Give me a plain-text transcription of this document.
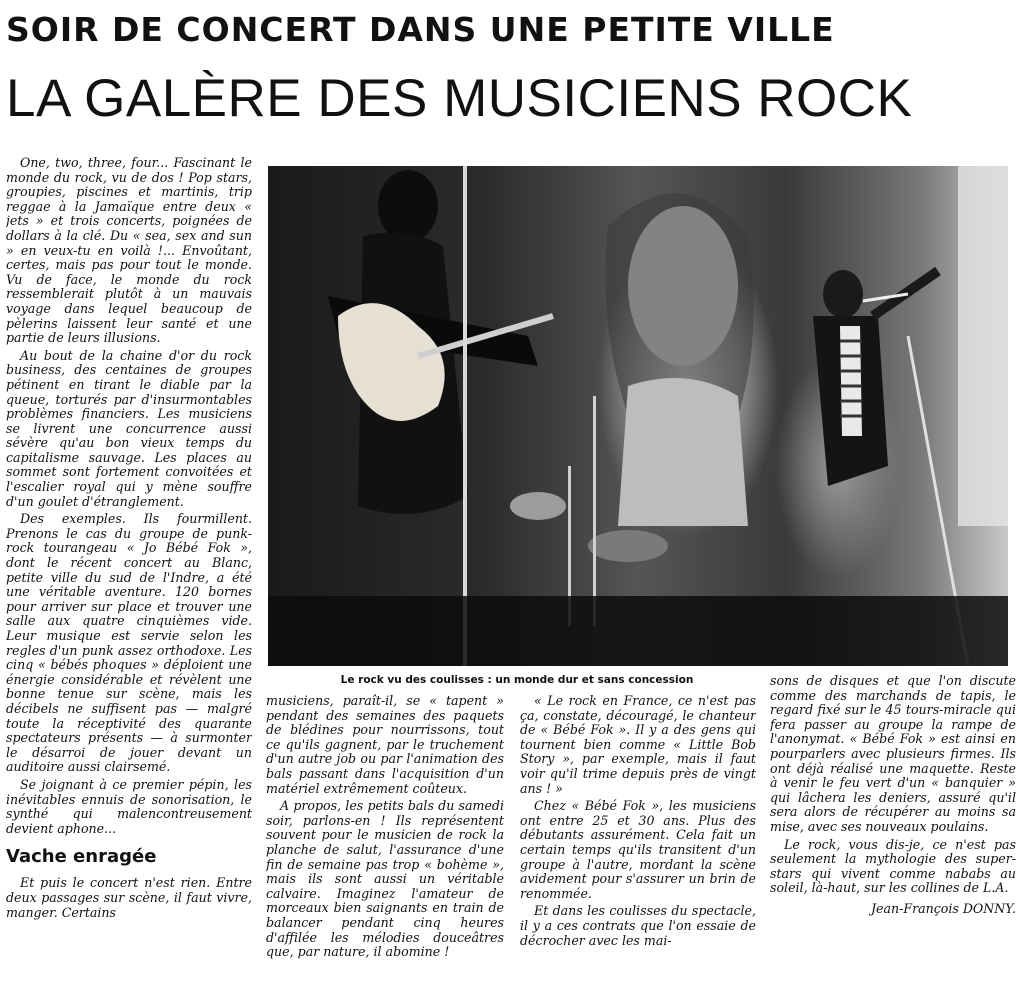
SOIR DE CONCERT DANS UNE PETITE VILLE
LA GALÈRE DES MUSICIENS ROCK

One, two, three, four... Fascinant le monde du rock, vu de dos ! Pop stars, groupies, piscines et martinis, trip reggae à la Jamaïque entre deux « jets » et trois concerts, poignées de dollars à la clé. Du « sea, sex and sun » en veux-tu en voilà !... Envoûtant, certes, mais pas pour tout le monde. Vu de face, le monde du rock ressemblerait plutôt à un mauvais voyage dans lequel beaucoup de pèlerins laissent leur santé et une partie de leurs illusions.

Au bout de la chaine d'or du rock business, des centaines de groupes pétinent en tirant le diable par la queue, torturés par d'insurmontables problèmes financiers. Les musiciens se livrent une concurrence aussi sévère qu'au bon vieux temps du capitalisme sauvage. Les places au sommet sont fortement convoitées et l'escalier royal qui y mène souffre d'un goulet d'étranglement.

Des exemples. Ils fourmillent. Prenons le cas du groupe de punk-rock tourangeau « Jo Bébé Fok », dont le récent concert au Blanc, petite ville du sud de l'Indre, a été une véritable aventure. 120 bornes pour arriver sur place et trouver une salle aux quatre cinquièmes vide. Leur musique est servie selon les regles d'un punk assez orthodoxe. Les cinq « bébés phoques » déploient une énergie considérable et révèlent une bonne tenue sur scène, mais les décibels ne suffisent pas — malgré toute la réceptivité des quarante spectateurs présents — à surmonter le désarroi de jouer devant un auditoire aussi clairsemé.

Se joignant à ce premier pépin, les inévitables ennuis de sonorisation, le synthé qui malencontreusement devient aphone...

Vache enragée

Et puis le concert n'est rien. Entre deux passages sur scène, il faut vivre, manger. Certains

Le rock vu des coulisses : un monde dur et sans concession

musiciens, paraît-il, se « tapent » pendant des semaines des paquets de blédines pour nourrissons, tout ce qu'ils gagnent, par le truchement d'un autre job ou par l'animation des bals passant dans l'acquisition d'un matériel extrêmement coûteux.

A propos, les petits bals du samedi soir, parlons-en ! Ils représentent souvent pour le musicien de rock la planche de salut, l'assurance d'une fin de semaine pas trop « bohème », mais ils sont aussi un véritable calvaire. Imaginez l'amateur de morceaux bien saignants en train de balancer pendant cinq heures d'affilée les mélodies douceâtres que, par nature, il abomine !

« Le rock en France, ce n'est pas ça, constate, découragé, le chanteur de « Bébé Fok ». Il y a des gens qui tournent bien comme « Little Bob Story », par exemple, mais il faut voir qu'il trime depuis près de vingt ans ! »

Chez « Bébé Fok », les musiciens ont entre 25 et 30 ans. Plus des débutants assurément. Cela fait un certain temps qu'ils transitent d'un groupe à l'autre, mordant la scène avidement pour s'assurer un brin de renommée.

Et dans les coulisses du spectacle, il y a ces contrats que l'on essaie de décrocher avec les mai-

sons de disques et que l'on discute comme des marchands de tapis, le regard fixé sur le 45 tours-miracle qui fera passer au groupe la rampe de l'anonymat. « Bébé Fok » est ainsi en pourparlers avec plusieurs firmes. Ils ont déjà réalisé une maquette. Reste à venir le feu vert d'un « banquier » qui lâchera les deniers, assuré qu'il sera alors de récupérer au moins sa mise, avec ses nouveaux poulains.

Le rock, vous dis-je, ce n'est pas seulement la mythologie des super-stars qui vivent comme nababs au soleil, là-haut, sur les collines de L.A.

Jean-François DONNY.
